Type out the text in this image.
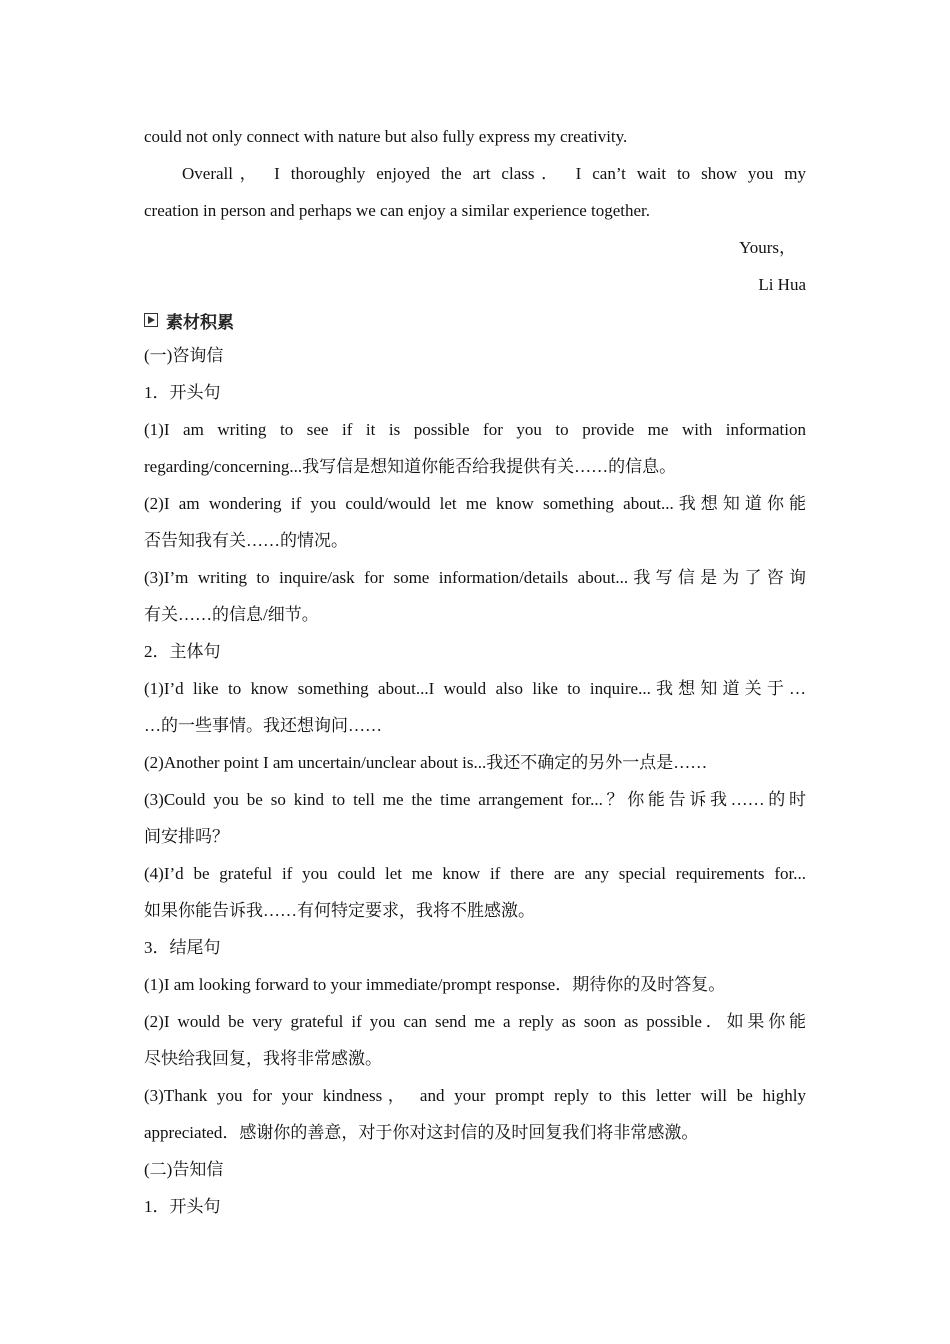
could not only connect with nature but also fully express my creativity.

Overall， I thoroughly enjoyed the art class． I can’t wait to show you my

creation in person and perhaps we can enjoy a similar experience together.

Yours，

Li Hua

素材积累

(一)咨询信

1．开头句

(1)I am writing to see if it is possible for you to provide me with information

regarding/concerning...我写信是想知道你能否给我提供有关……的信息。

(2)I am wondering if you could/would let me know something about...我想知道你能

否告知我有关……的情况。

(3)I’m writing to inquire/ask for some information/details about...我写信是为了咨询

有关……的信息/细节。

2．主体句

(1)I’d like to know something about...I would also like to inquire...我想知道关于…

…的一些事情。我还想询问……

(2)Another point I am uncertain/unclear about is...我还不确定的另外一点是……

(3)Could you be so kind to tell me the time arrangement for...？你能告诉我……的时

间安排吗？

(4)I’d be grateful if you could let me know if there are any special requirements for...

如果你能告诉我……有何特定要求，我将不胜感激。

3．结尾句

(1)I am looking forward to your immediate/prompt response．期待你的及时答复。

(2)I would be very grateful if you can send me a reply as soon as possible．如果你能

尽快给我回复，我将非常感激。

(3)Thank you for your kindness， and your prompt reply to this letter will be highly

appreciated．感谢你的善意，对于你对这封信的及时回复我们将非常感激。

(二)告知信

1．开头句
